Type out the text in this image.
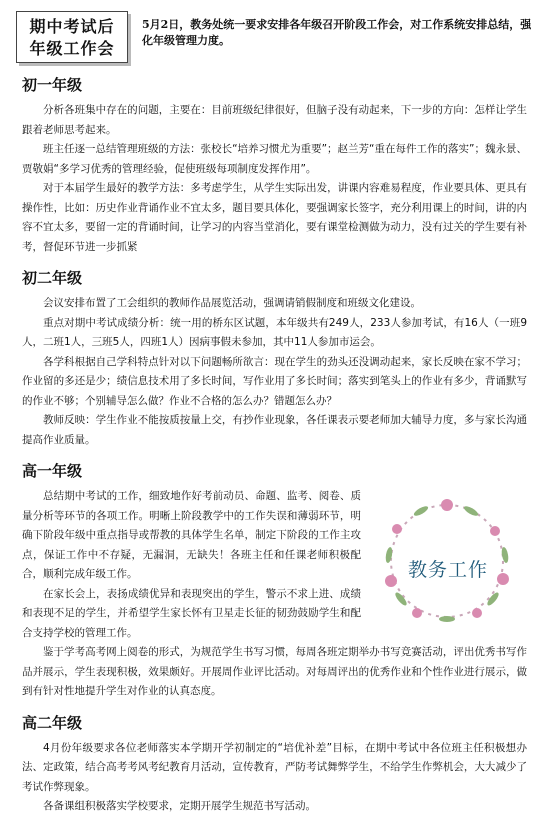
期中考试后
年级工作会
5月2日，教务处统一要求安排各年级召开阶段工作会，对工作系统安排总结，强化年级管理力度。
初一年级

分析各班集中存在的问题，主要在：目前班级纪律很好，但脑子没有动起来，下一步的方向：怎样让学生跟着老师思考起来。

班主任逐一总结管理班级的方法：张校长“培养习惯尤为重要”；赵兰芳“重在每件工作的落实”；魏永景、贾敬娟“多学习优秀的管理经验，促使班级每项制度发挥作用”。

对于本届学生最好的教学方法：多考虑学生，从学生实际出发，讲课内容难易程度，作业要具体、更具有操作性，比如：历史作业背诵作业不宜太多，题目要具体化，要强调家长签字，充分利用课上的时间，讲的内容不宜太多，要留一定的背诵时间，让学习的内容当堂消化，要有课堂检测做为动力，没有过关的学生要有补考，督促环节进一步抓紧

初二年级

会议安排布置了工会组织的教师作品展览活动，强调请销假制度和班级文化建设。

重点对期中考试成绩分析：统一用的桥东区试题，本年级共有249人，233人参加考试，有16人（一班9人，二班1人，三班5人，四班1人）因病事假未参加，其中11人参加市运会。

各学科根据自己学科特点针对以下问题畅所欲言：现在学生的劲头还没调动起来，家长反映在家不学习；作业留的多还是少；绩信息技术用了多长时间，写作业用了多长时间；落实到笔头上的作业有多少，背诵默写的作业不够；个别辅导怎么做？作业不合格的怎么办？错题怎么办？

教师反映：学生作业不能按质按量上交，有抄作业现象，各任课表示要老师加大辅导力度，多与家长沟通提高作业质量。

高一年级
教务工作

总结期中考试的工作，细致地作好考前动员、命题、监考、阅卷、质量分析等环节的各项工作。明晰上阶段教学中的工作失误和薄弱环节，明确下阶段年级中重点指导或帮教的具体学生名单，制定下阶段的工作主攻点，保证工作中不存疑，无漏洞，无缺失！各班主任和任课老师积极配合，顺利完成年级工作。

在家长会上，表扬成绩优异和表现突出的学生，警示不求上进、成绩和表现不足的学生，并希望学生家长怀有卫星走长征的韧劲鼓励学生和配合支持学校的管理工作。

鉴于学考高考网上阅卷的形式，为规范学生书写习惯，每周各班定期举办书写竞赛活动，评出优秀书写作品并展示，学生表现积极，效果颇好。开展周作业评比活动。对每周评出的优秀作业和个性作业进行展示，做到有针对性地提升学生对作业的认真态度。

高二年级

4月份年级要求各位老师落实本学期开学初制定的“培优补差”目标，在期中考试中各位班主任积极想办法、定政策，结合高考考风考纪教育月活动，宣传教育，严防考试舞弊学生，不给学生作弊机会，大大减少了考试作弊现象。

各备课组积极落实学校要求，定期开展学生规范书写活动。
